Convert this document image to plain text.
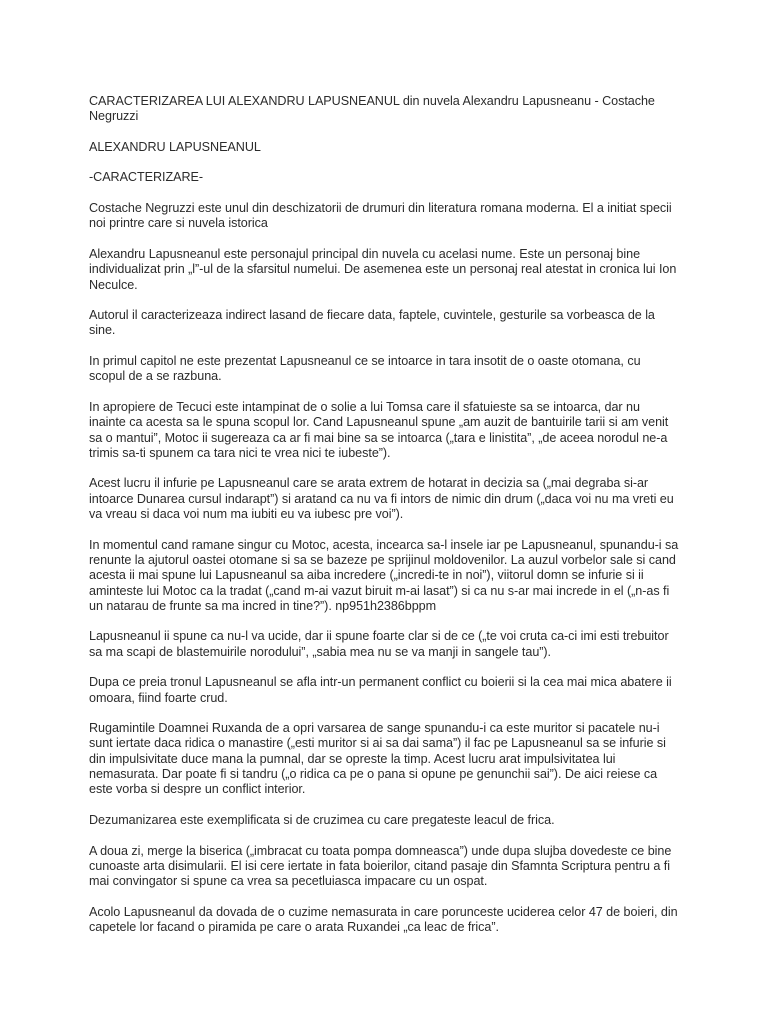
CARACTERIZAREA LUI ALEXANDRU LAPUSNEANUL din nuvela Alexandru Lapusneanu - Costache Negruzzi

ALEXANDRU LAPUSNEANUL

-CARACTERIZARE-

Costache Negruzzi este unul din deschizatorii de drumuri din literatura romana moderna. El a initiat specii noi printre care si nuvela istorica

Alexandru Lapusneanul este personajul principal din nuvela cu acelasi nume. Este un personaj bine individualizat prin „l”-ul de la sfarsitul numelui. De asemenea este un personaj real atestat in cronica lui Ion Neculce.

Autorul il caracterizeaza indirect lasand de fiecare data, faptele, cuvintele, gesturile sa vorbeasca de la sine.

In primul capitol ne este prezentat Lapusneanul ce se intoarce in tara insotit de o oaste otomana, cu scopul de a se razbuna.

In apropiere de Tecuci este intampinat de o solie a lui Tomsa care il sfatuieste sa se intoarca, dar nu inainte ca acesta sa le spuna scopul lor. Cand Lapusneanul spune „am auzit de bantuirile tarii si am venit sa o mantui”, Motoc ii sugereaza ca ar fi mai bine sa se intoarca („tara e linistita”, „de aceea norodul ne-a trimis sa-ti spunem ca tara nici te vrea nici te iubeste”).

Acest lucru il infurie pe Lapusneanul care se arata extrem de hotarat in decizia sa („mai degraba si-ar intoarce Dunarea cursul indarapt”) si aratand ca nu va fi intors de nimic din drum („daca voi nu ma vreti eu va vreau si daca voi num ma iubiti eu va iubesc pre voi”).

In momentul cand ramane singur cu Motoc, acesta, incearca sa-l insele iar pe Lapusneanul, spunandu-i sa renunte la ajutorul oastei otomane si sa se bazeze pe sprijinul moldovenilor. La auzul vorbelor sale si cand acesta ii mai spune lui Lapusneanul sa aiba incredere („incredi-te in noi”), viitorul domn se infurie si ii aminteste lui Motoc ca la tradat („cand m-ai vazut biruit m-ai lasat”) si ca nu s-ar mai increde in el („n-as fi un natarau de frunte sa ma incred in tine?”). np951h2386bppm

Lapusneanul ii spune ca nu-l va ucide, dar ii spune foarte clar si de ce („te voi cruta ca-ci imi esti trebuitor sa ma scapi de blastemuirile norodului”, „sabia mea nu se va manji in sangele tau”).

Dupa ce preia tronul Lapusneanul se afla intr-un permanent conflict cu boierii si la cea mai mica abatere ii omoara, fiind foarte crud.

Rugamintile Doamnei Ruxanda de a opri varsarea de sange spunandu-i ca este muritor si pacatele nu-i sunt iertate daca ridica o manastire („esti muritor si ai sa dai sama”) il fac pe Lapusneanul sa se infurie si din impulsivitate duce mana la pumnal, dar se opreste la timp. Acest lucru arat impulsivitatea lui nemasurata. Dar poate fi si tandru („o ridica ca pe o pana si opune pe genunchii sai”). De aici reiese ca este vorba si despre un conflict interior.

Dezumanizarea este exemplificata si de cruzimea cu care pregateste leacul de frica.

A doua zi, merge la biserica („imbracat cu toata pompa domneasca”) unde dupa slujba dovedeste ce bine cunoaste arta disimularii. El isi cere iertate in fata boierilor, citand pasaje din Sfamnta Scriptura pentru a fi mai convingator si spune ca vrea sa pecetluiasca impacare cu un ospat.

Acolo Lapusneanul da dovada de o cuzime nemasurata in care porunceste uciderea celor 47 de boieri, din capetele lor facand o piramida pe care o arata Ruxandei „ca leac de frica”.
